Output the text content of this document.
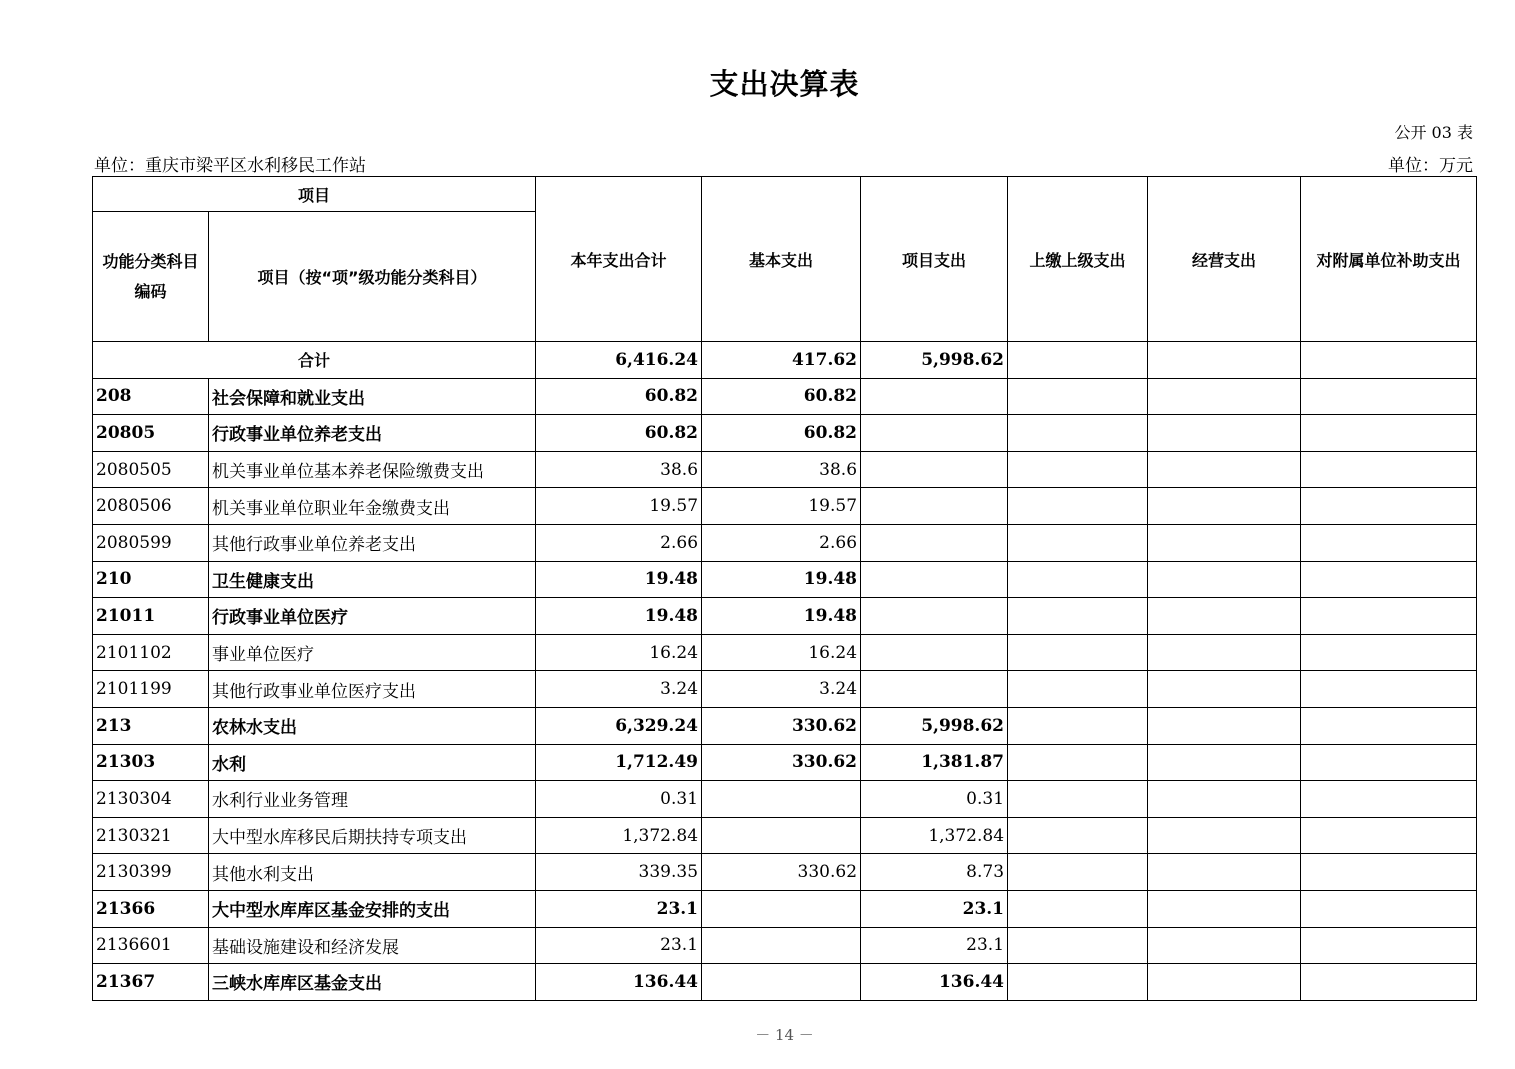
支出决算表
公开 03 表
单位：重庆市梁平区水利移民工作站	单位：万元
项目		本年支出合计	基本支出	项目支出	上缴上级支出	经营支出	对附属单位补助支出
功能分类科目编码	项目（按“项”级功能分类科目）						
合计		6,416.24	417.62	5,998.62			
208	社会保障和就业支出	60.82	60.82				
20805	行政事业单位养老支出	60.82	60.82				
2080505	机关事业单位基本养老保险缴费支出	38.6	38.6				
2080506	机关事业单位职业年金缴费支出	19.57	19.57				
2080599	其他行政事业单位养老支出	2.66	2.66				
210	卫生健康支出	19.48	19.48				
21011	行政事业单位医疗	19.48	19.48				
2101102	事业单位医疗	16.24	16.24				
2101199	其他行政事业单位医疗支出	3.24	3.24				
213	农林水支出	6,329.24	330.62	5,998.62			
21303	水利	1,712.49	330.62	1,381.87			
2130304	水利行业业务管理	0.31		0.31			
2130321	大中型水库移民后期扶持专项支出	1,372.84		1,372.84			
2130399	其他水利支出	339.35	330.62	8.73			
21366	大中型水库库区基金安排的支出	23.1		23.1			
2136601	基础设施建设和经济发展	23.1		23.1			
21367	三峡水库库区基金支出	136.44		136.44			
－ 14 －
